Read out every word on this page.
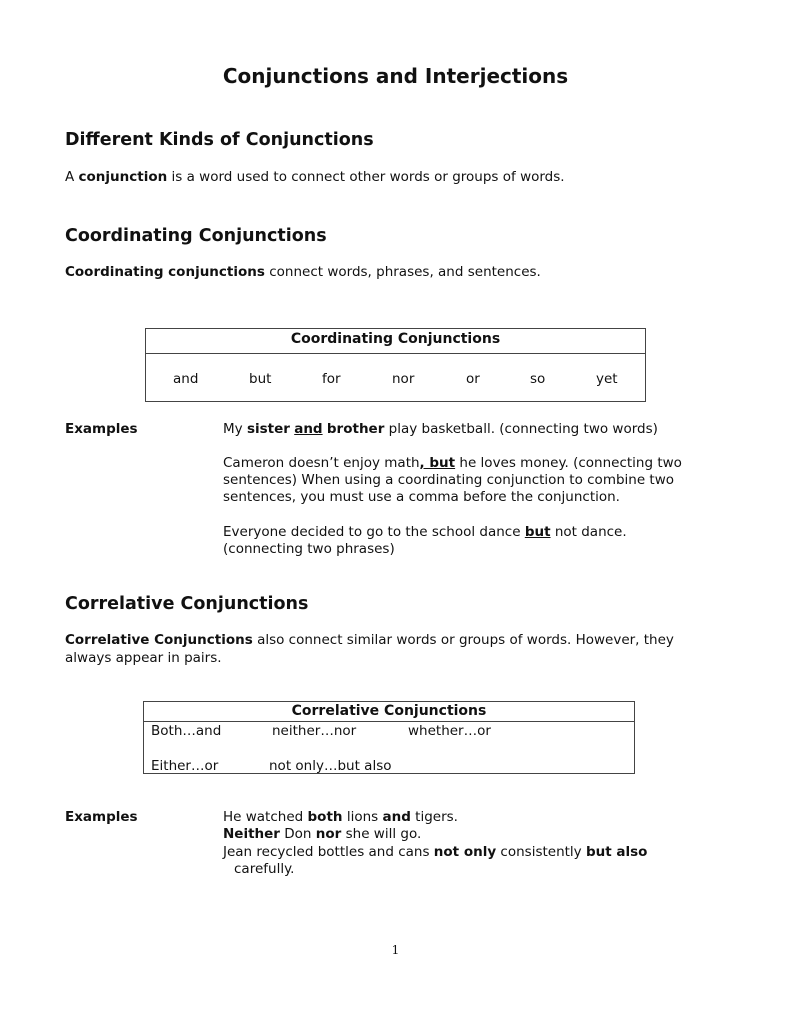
Conjunctions and Interjections
Different Kinds of Conjunctions
A conjunction is a word used to connect other words or groups of words.
Coordinating Conjunctions
Coordinating conjunctions connect words, phrases, and sentences.
Coordinating Conjunctions
and	but	for	nor	or	so	yet
Examples	My sister and brother play basketball. (connecting two words)
Cameron doesn’t enjoy math, but he loves money. (connecting two
sentences) When using a coordinating conjunction to combine two
sentences, you must use a comma before the conjunction.
Everyone decided to go to the school dance but not dance.
(connecting two phrases)
Correlative Conjunctions
Correlative Conjunctions also connect similar words or groups of words. However, they
always appear in pairs.
Correlative Conjunctions
Both…and	neither…nor	whether…or
Either…or	not only…but also
Examples	He watched both lions and tigers.
Neither Don nor she will go.
Jean recycled bottles and cans not only consistently but also
carefully.
1
